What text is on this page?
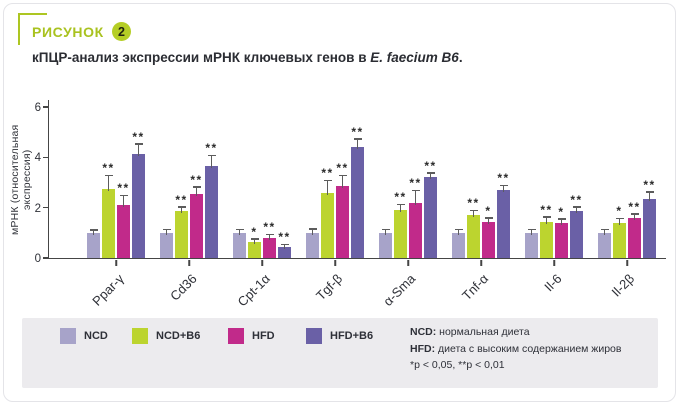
РИСУНОК	2
кПЦР-анализ экспрессии мРНК ключевых генов в E. faecium B6.
мРНК (относительная экспрессия)	**
**
**
Ppar-γ
**
**
**
Cd36
* **
**
Cpt-1α
** **
**
Tgf-β
**
**
**
α-Sma
**
*
**
Tnf-α
** *
**
Il-6
* **
**
Il-2β
0
2
4
6
NCD	NCD+B6	HFD	HFD+B6	NCD: нормальная диета
HFD: диета с высоким содержанием жиров
*p < 0,05, **p < 0,01
